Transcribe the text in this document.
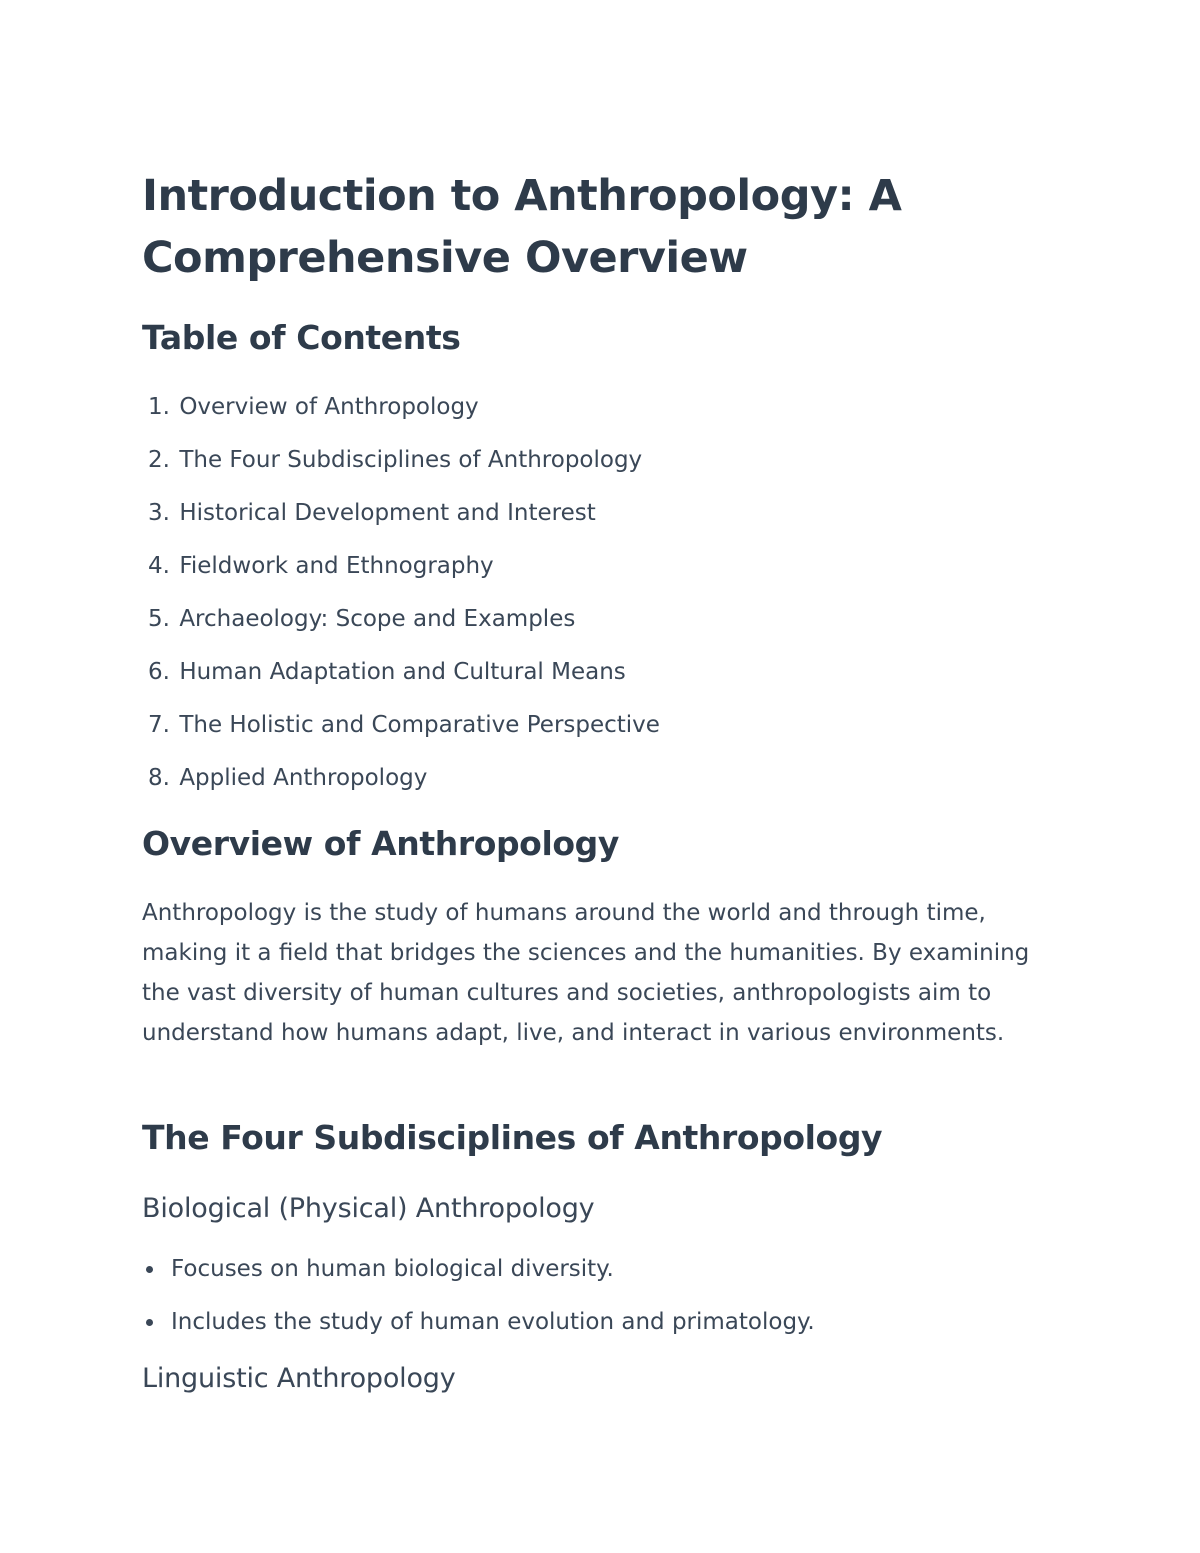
Introduction to Anthropology: A Comprehensive Overview
Table of Contents
1. Overview of Anthropology
2. The Four Subdisciplines of Anthropology
3. Historical Development and Interest
4. Fieldwork and Ethnography
5. Archaeology: Scope and Examples
6. Human Adaptation and Cultural Means
7. The Holistic and Comparative Perspective
8. Applied Anthropology
Overview of Anthropology

Anthropology is the study of humans around the world and through time, making it a field that bridges the sciences and the humanities. By examining the vast diversity of human cultures and societies, anthropologists aim to understand how humans adapt, live, and interact in various environments.

The Four Subdisciplines of Anthropology
Biological (Physical) Anthropology
Focuses on human biological diversity.
Includes the study of human evolution and primatology.
Linguistic Anthropology
